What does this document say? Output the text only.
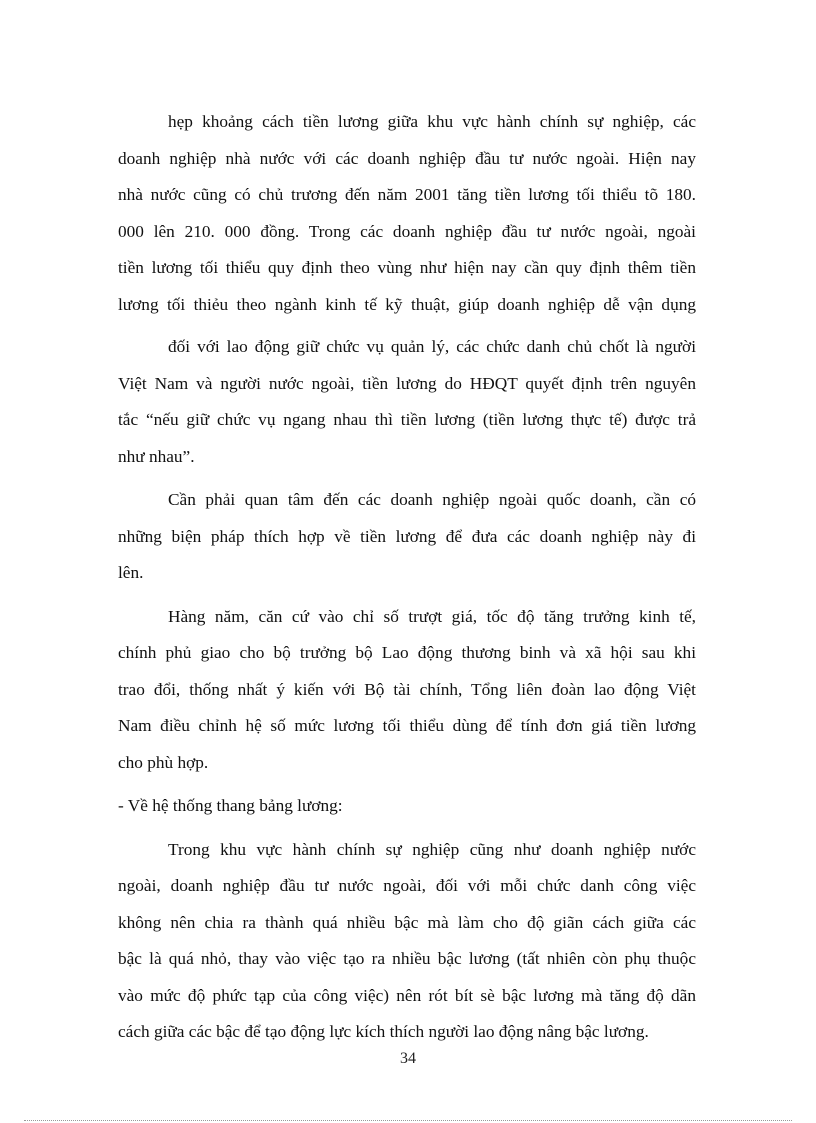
hẹp khoảng cách tiền lương giữa khu vực hành chính sự nghiệp, các
doanh nghiệp nhà nước với các doanh nghiệp đầu tư nước ngoài. Hiện nay
nhà nước cũng có chủ trương đến năm 2001 tăng tiền lương tối thiểu tõ 180.
000 lên 210. 000 đồng. Trong các doanh nghiệp đầu tư nước ngoài, ngoài
tiền lương tối thiểu quy định theo vùng như hiện nay cần quy định thêm tiền
lương tối thiẻu theo ngành kinh tế kỹ thuật, giúp doanh nghiệp dễ vận dụng
đối với lao động giữ chức vụ quản lý, các chức danh chủ chốt là người
Việt Nam và người nước ngoài, tiền lương do HĐQT quyết định trên nguyên
tắc “nếu giữ chức vụ ngang nhau thì tiền lương (tiền lương thực tế) được trả
như nhau”.
Cần phải quan tâm đến các doanh nghiệp ngoài quốc doanh, cần có
những biện pháp thích hợp về tiền lương để đưa các doanh nghiệp này đi
lên.
Hàng năm, căn cứ vào chỉ số trượt giá, tốc độ tăng trưởng kinh tế,
chính phủ giao cho bộ trưởng bộ Lao động thương binh và xã hội sau khi
trao đổi, thống nhất ý kiến với Bộ tài chính, Tổng liên đoàn lao động Việt
Nam điều chỉnh hệ số mức lương tối thiểu dùng để tính đơn giá tiền lương
cho phù hợp.
- Về hệ thống thang bảng lương:
Trong khu vực hành chính sự nghiệp cũng như doanh nghiệp nước
ngoài, doanh nghiệp đầu tư nước ngoài, đối với mỗi chức danh công việc
không nên chia ra thành quá nhiều bậc mà làm cho độ giãn cách giữa các
bậc là quá nhỏ, thay vào việc tạo ra nhiều bậc lương (tất nhiên còn phụ thuộc
vào mức độ phức tạp của công việc) nên rót bít sè bậc lương mà tăng độ dãn
cách giữa các bậc để tạo động lực kích thích người lao động nâng bậc lương.
34
